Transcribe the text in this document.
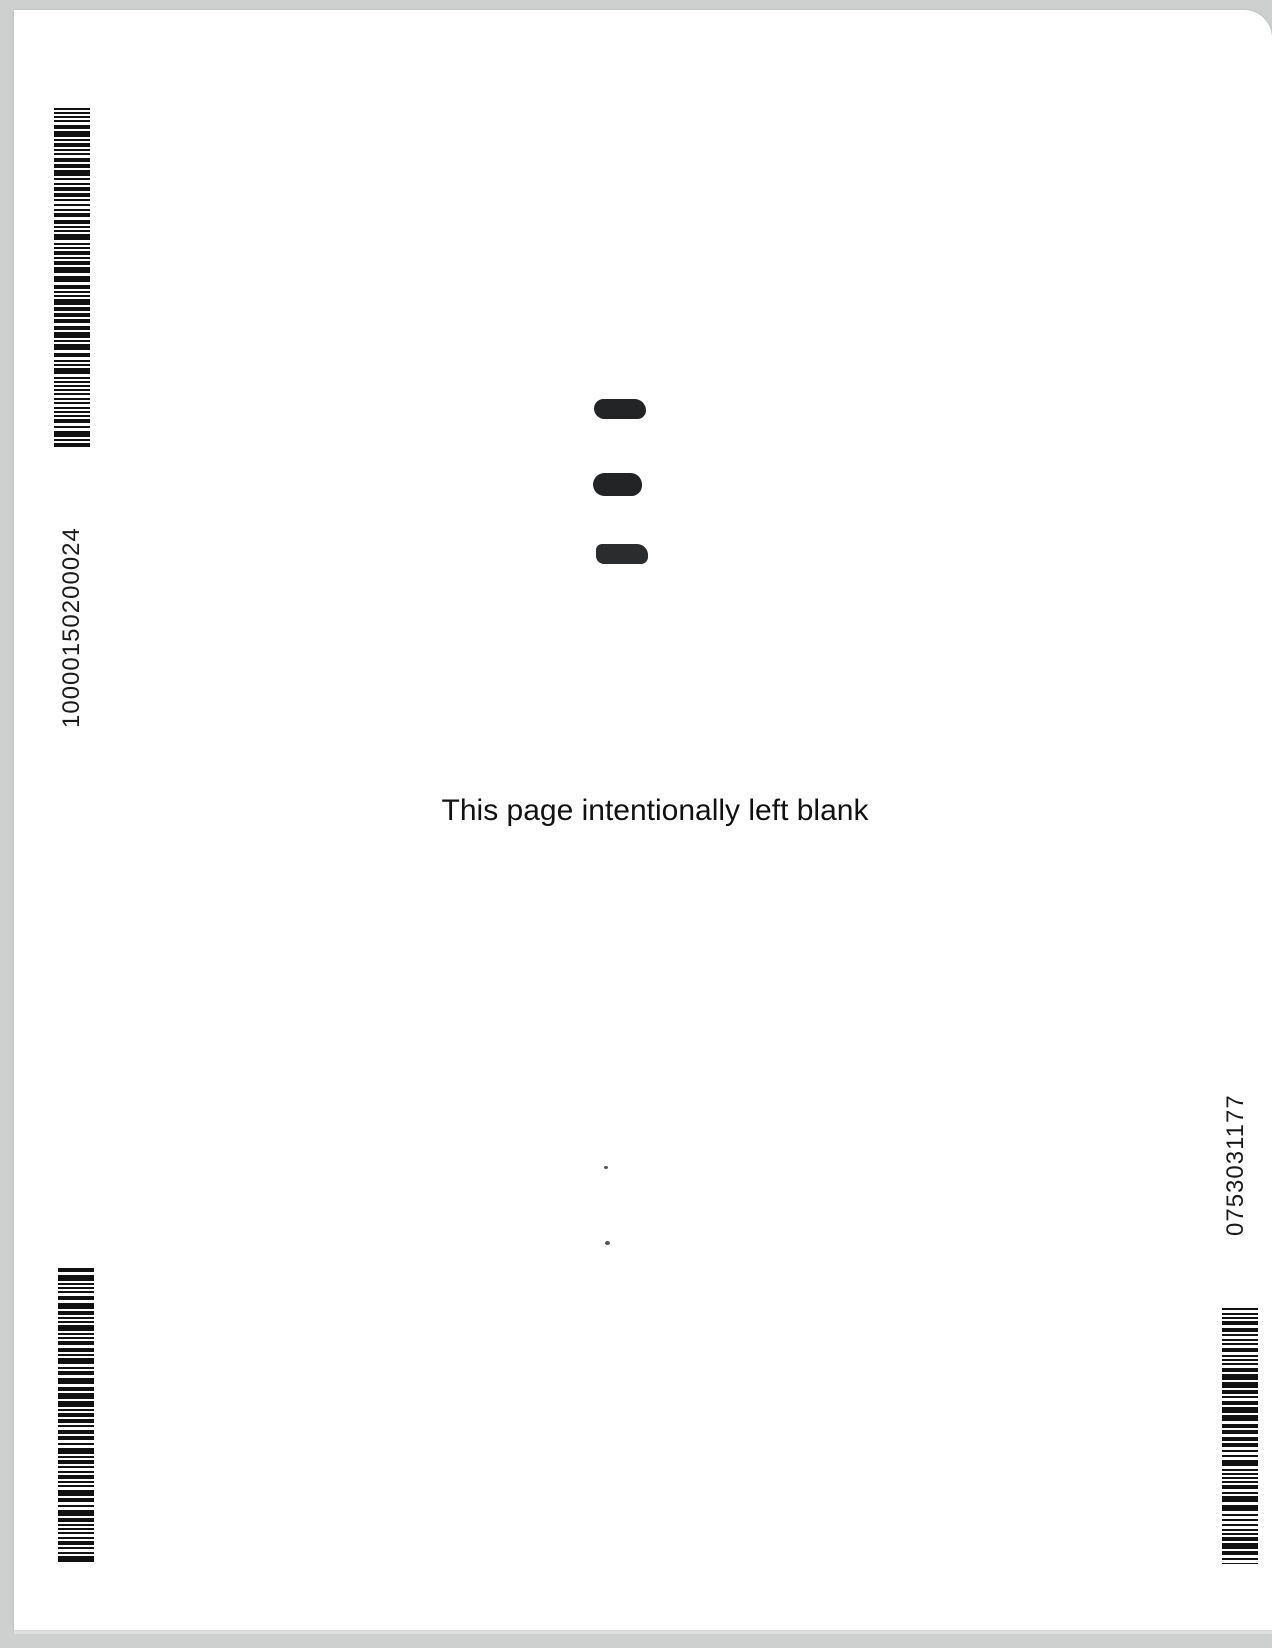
10000150200024
0753031177
This page intentionally left blank
